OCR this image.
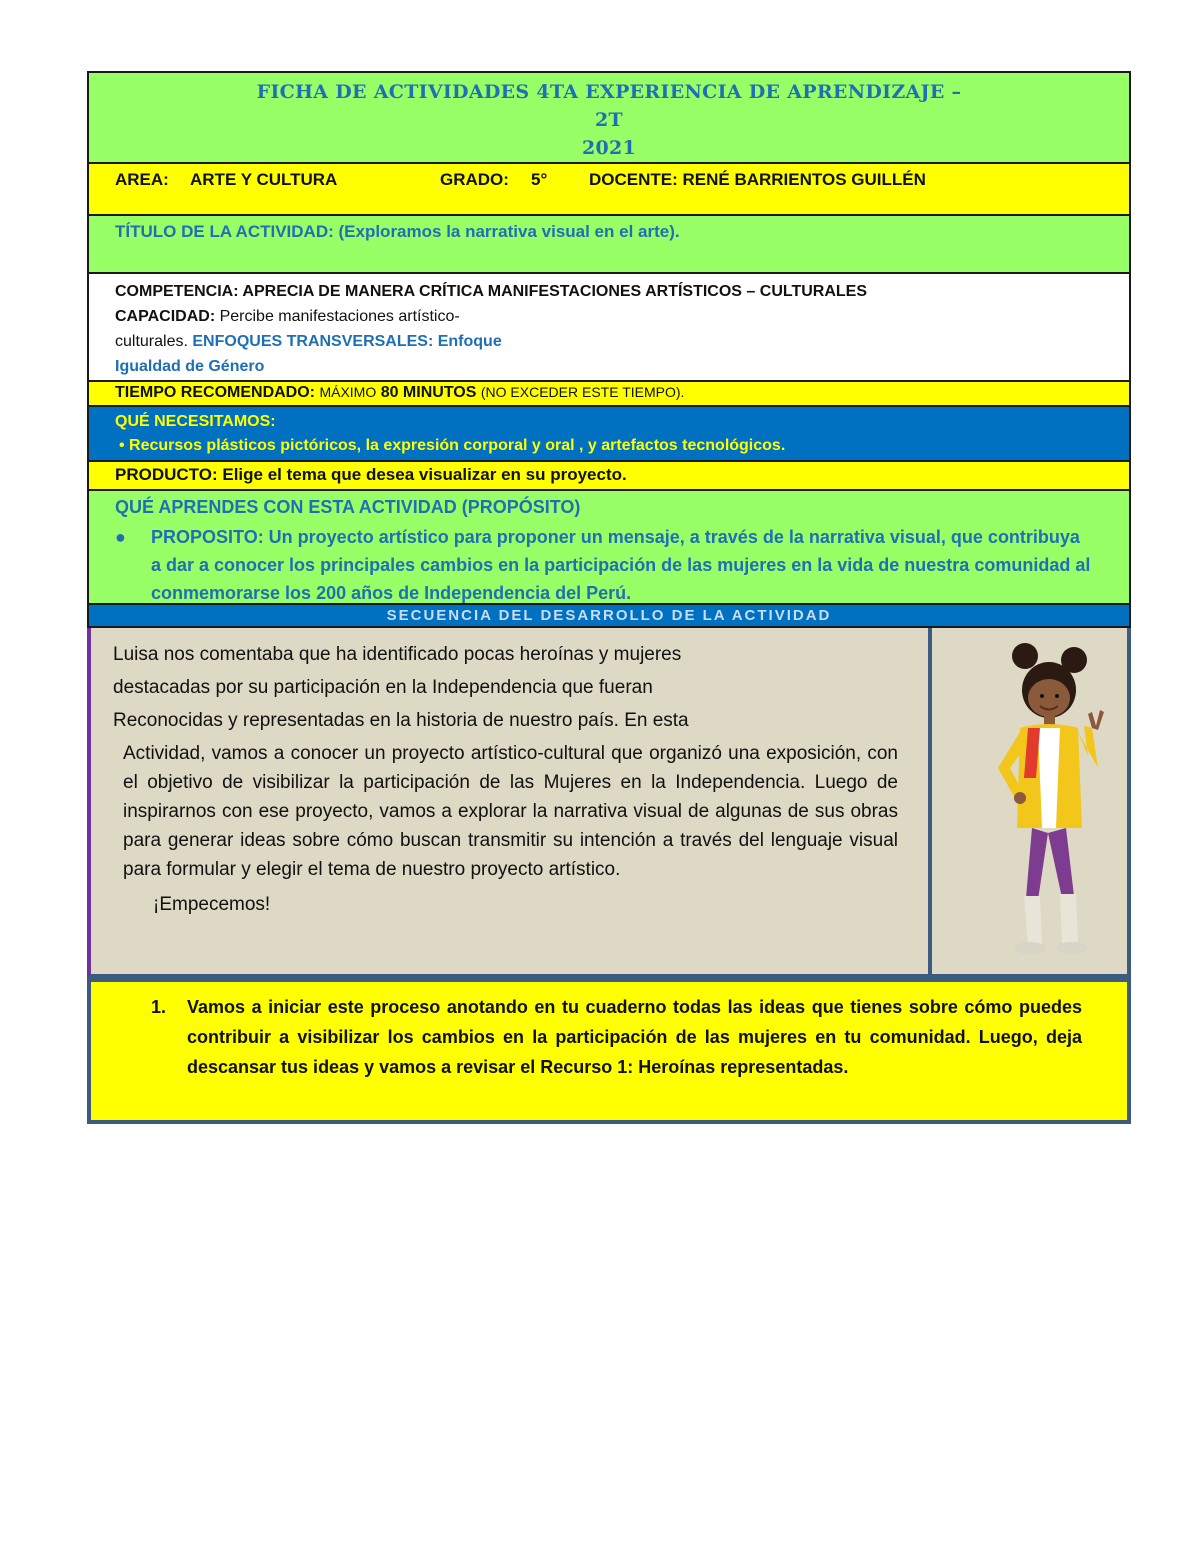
FICHA DE ACTIVIDADES 4TA EXPERIENCIA DE APRENDIZAJE –
2T
2021
AREA: ARTE Y CULTURA	GRADO: 5° DOCENTE: RENÉ BARRIENTOS GUILLÉN
TÍTULO DE LA ACTIVIDAD: (Exploramos la narrativa visual en el arte).
COMPETENCIA: APRECIA DE MANERA CRÍTICA MANIFESTACIONES ARTÍSTICOS – CULTURALES
CAPACIDAD: Percibe manifestaciones artístico-
culturales. ENFOQUES TRANSVERSALES: Enfoque
Igualdad de Género
TIEMPO RECOMENDADO: MÁXIMO 80 MINUTOS (NO EXCEDER ESTE TIEMPO).
QUÉ NECESITAMOS:
• Recursos plásticos pictóricos, la expresión corporal y oral , y artefactos tecnológicos.
PRODUCTO: Elige el tema que desea visualizar en su proyecto.
QUÉ APRENDES CON ESTA ACTIVIDAD (PROPÓSITO)
●	PROPOSITO: Un proyecto artístico para proponer un mensaje, a través de la narrativa visual, que contribuya a dar a conocer los principales cambios en la participación de las mujeres en la vida de nuestra comunidad al conmemorarse los 200 años de Independencia del Perú.
SECUENCIA DEL DESARROLLO DE LA ACTIVIDAD
Luisa nos comentaba que ha identificado pocas heroínas y mujeres
destacadas por su participación en la Independencia que fueran
Reconocidas y representadas en la historia de nuestro país. En esta
Actividad, vamos a conocer un proyecto artístico-cultural que organizó una exposición, con el objetivo de visibilizar la participación de las Mujeres en la Independencia. Luego de inspirarnos con ese proyecto, vamos a explorar la narrativa visual de algunas de sus obras para generar ideas sobre cómo buscan transmitir su intención a través del lenguaje visual para formular y elegir el tema de nuestro proyecto artístico.
¡Empecemos!
1.	Vamos a iniciar este proceso anotando en tu cuaderno todas las ideas que tienes sobre cómo puedes contribuir a visibilizar los cambios en la participación de las mujeres en tu comunidad. Luego, deja descansar tus ideas y vamos a revisar el Recurso 1: Heroínas representadas.
